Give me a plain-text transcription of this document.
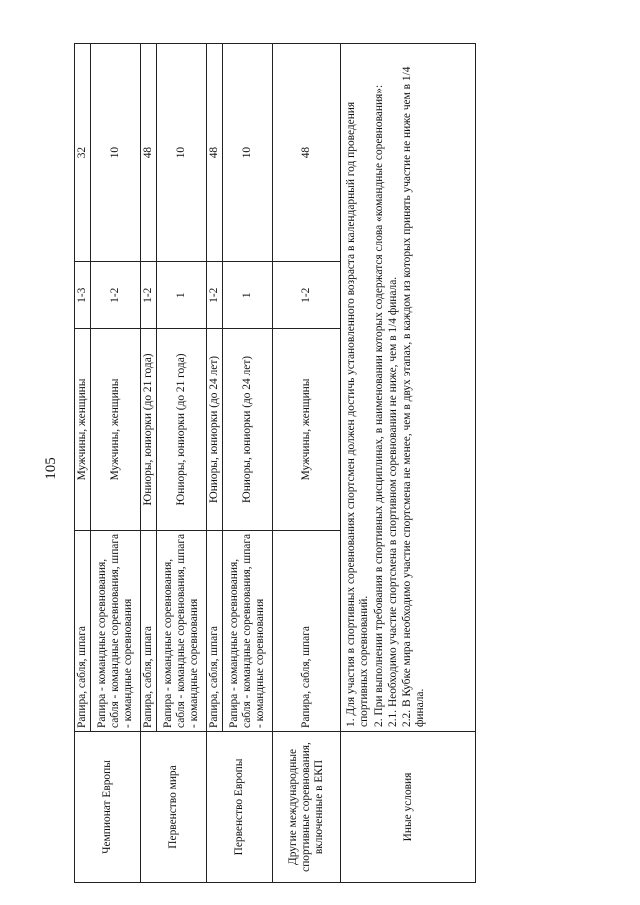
105
Чемпионат Европы	Рапира, сабля, шпага	Мужчины, женщины	1-3	32
	Рапира - командные соревнования, сабля - командные соревнования, шпага - командные соревнования	Мужчины, женщины	1-2	10
Первенство мира	Рапира, сабля, шпага	Юниоры, юниорки (до 21 года)	1-2	48
	Рапира - командные соревнования, сабля - командные соревнования, шпага - командные соревнования	Юниоры, юниорки (до 21 года)	1	10
Первенство Европы	Рапира, сабля, шпага	Юниоры, юниорки (до 24 лет)	1-2	48
	Рапира - командные соревнования, сабля - командные соревнования, шпага - командные соревнования	Юниоры, юниорки (до 24 лет)	1	10
Другие международные спортивные соревнования, включенные в ЕКП	Рапира, сабля, шпага	Мужчины, женщины	1-2	48
Иные условия	1. Для участия в спортивных соревнованиях спортсмен должен достичь установленного возраста в календарный год проведения спортивных соревнований. 2. При выполнении требования в спортивных дисциплинах, в наименовании которых содержатся слова «командные соревнования»: 2.1. Необходимо участие спортсмена в спортивном соревновании не ниже, чем в 1/4 финала. 2.2. В Кубке мира необходимо участие спортсмена не менее, чем в двух этапах, в каждом из которых принять участие не ниже чем в 1/4 финала.			
